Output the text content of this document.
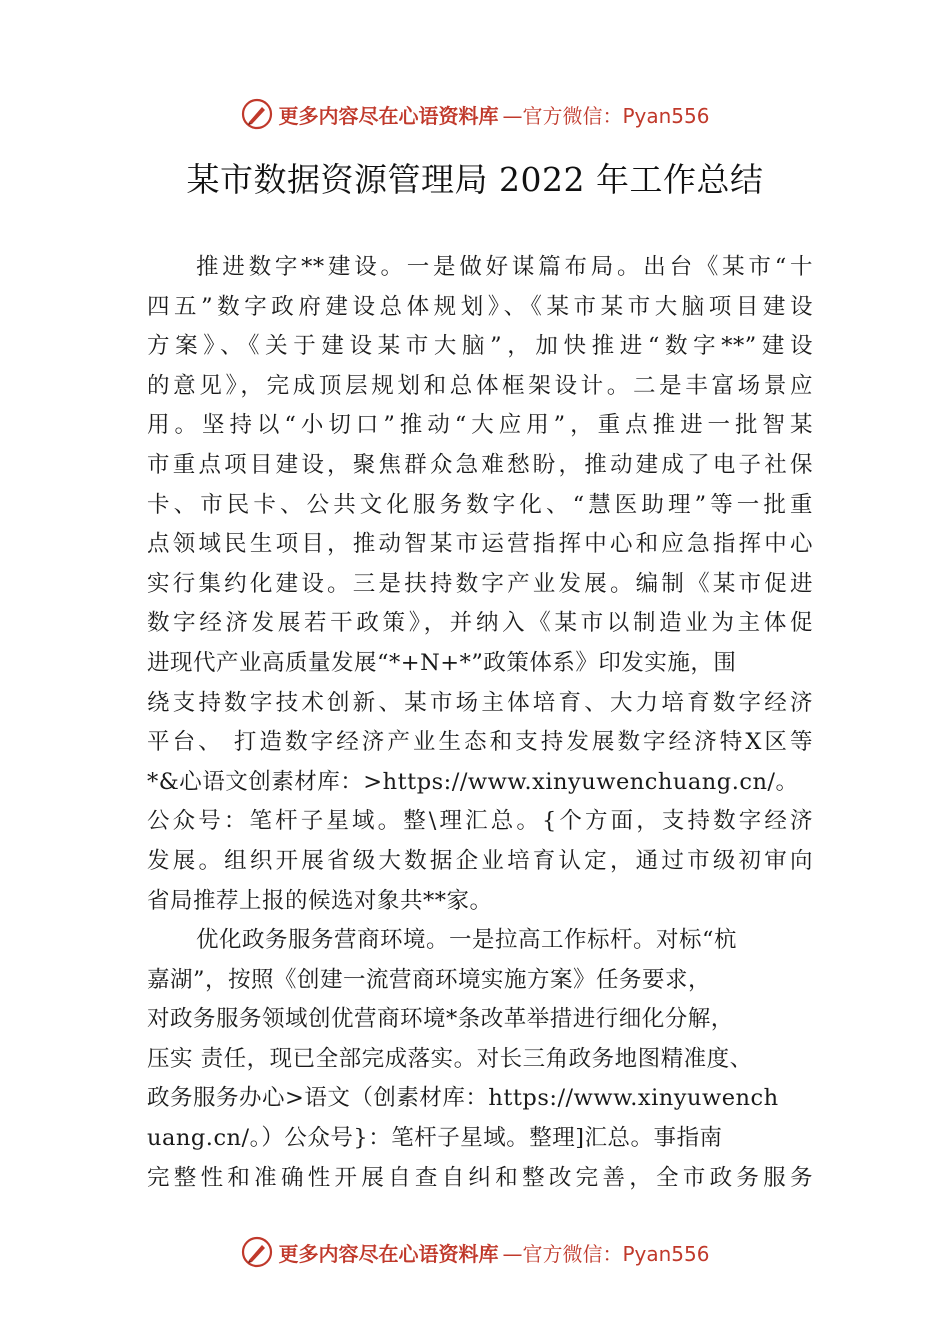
更多内容尽在心语资料库 —官方微信：Pyan556
某市数据资源管理局 2022 年工作总结
推进数字**建设。一是做好谋篇布局。出台《某市“十
四五”数字政府建设总体规划》、《某市某市大脑项目建设
方案》、《关于建设某市大脑”，加快推进“数字**”建设
的意见》，完成顶层规划和总体框架设计。二是丰富场景应
用。坚持以“小切口”推动“大应用”，重点推进一批智某
市重点项目建设，聚焦群众急难愁盼，推动建成了电子社保
卡、市民卡、公共文化服务数字化、“慧医助理”等一批重
点领域民生项目，推动智某市运营指挥中心和应急指挥中心
实行集约化建设。三是扶持数字产业发展。编制《某市促进
数字经济发展若干政策》，并纳入《某市以制造业为主体促
进现代产业高质量发展“*+N+*”政策体系》印发实施，围
绕支持数字技术创新、某市场主体培育、大力培育数字经济
平台、 打造数字经济产业生态和支持发展数字经济特X区等
*&心语文创素材库：>https://www.xinyuwenchuang.cn/。
公众号：笔杆子星域。整\理汇总。{个方面，支持数字经济
发展。组织开展省级大数据企业培育认定，通过市级初审向
省局推荐上报的候选对象共**家。
优化政务服务营商环境。一是拉高工作标杆。对标“杭
嘉湖”，按照《创建一流营商环境实施方案》任务要求，
对政务服务领域创优营商环境*条改革举措进行细化分解，
压实 责任，现已全部完成落实。对长三角政务地图精准度、
政务服务办心>语文（创素材库：https://www.xinyuwench
uang.cn/。）公众号}：笔杆子星域。整理]汇总。事指南
完整性和准确性开展自查自纠和整改完善，全市政务服务
更多内容尽在心语资料库 —官方微信：Pyan556
